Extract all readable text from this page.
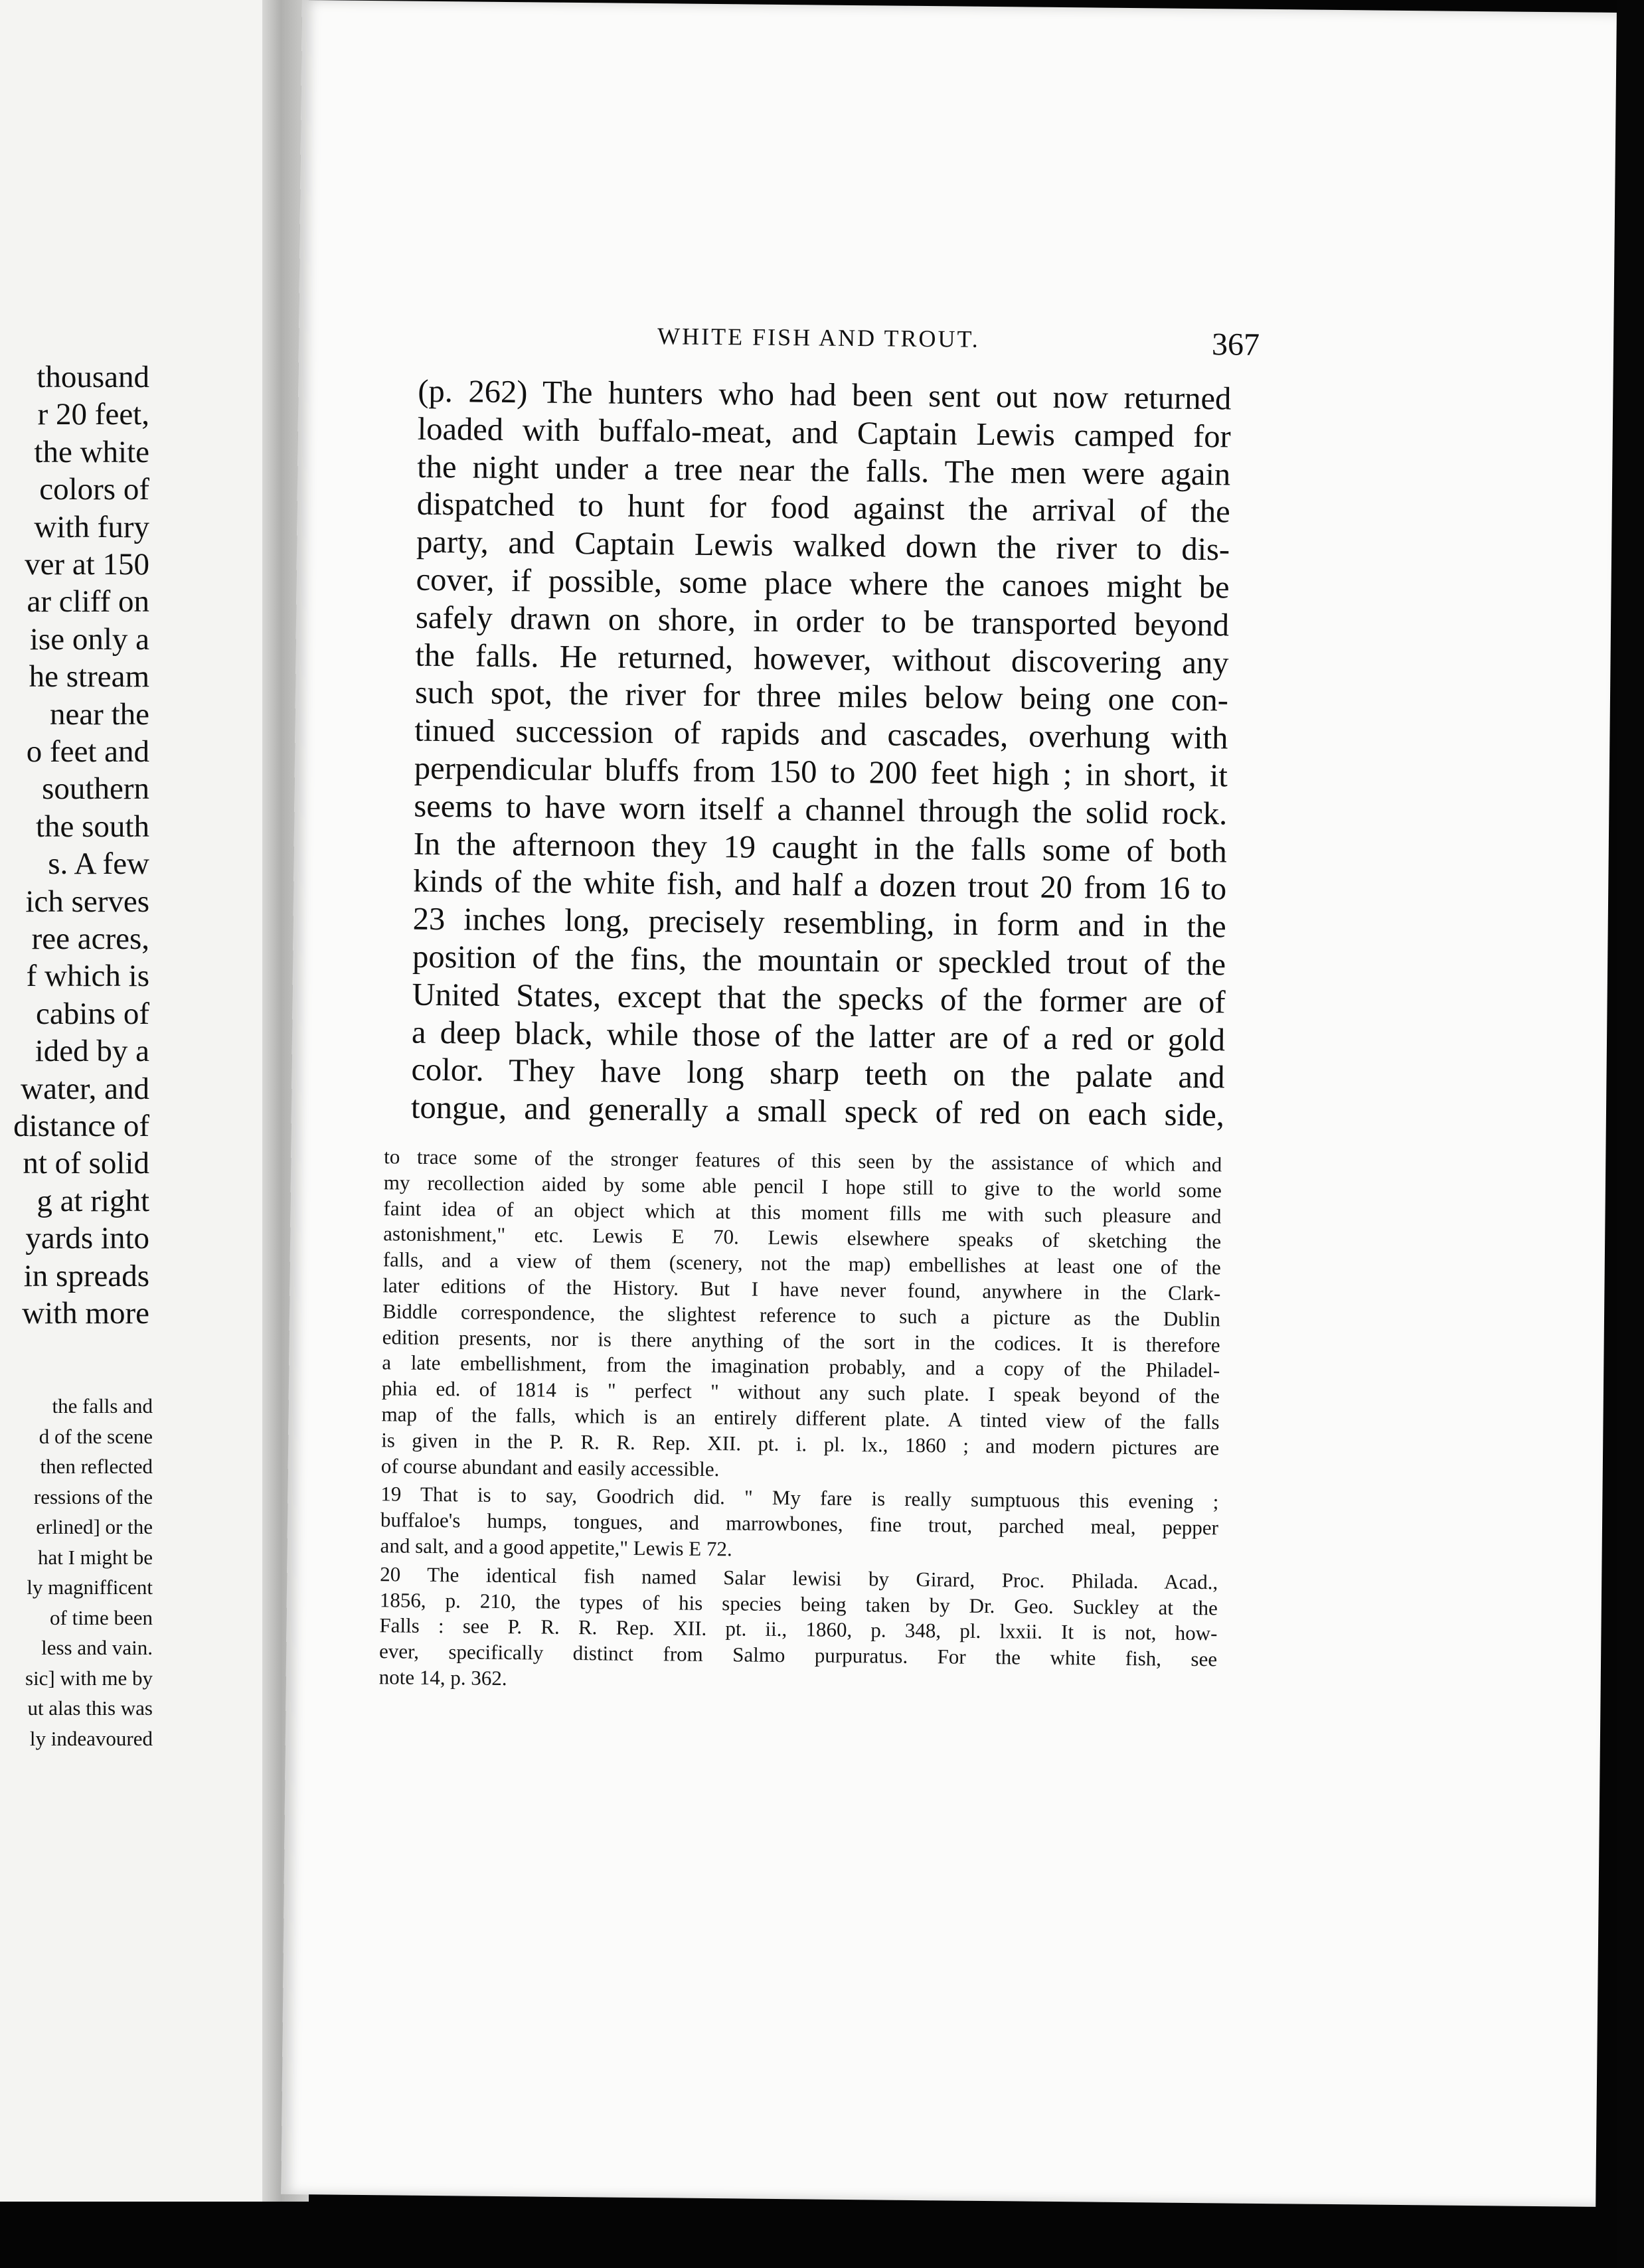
thousand
r 20 feet,
the white
colors of
with fury
ver at 150
ar cliff on
ise only a
he stream
near the
o feet and
southern
the south
s. A few
ich serves
ree acres,
f which is
cabins of
ided by a
water, and
distance of
nt of solid
g at right
yards into
in spreads
with more
the falls and
d of the scene
then reflected
ressions of the
erlined] or the
hat I might be
ly magnifficent
of time been
less and vain.
sic] with me by
ut alas this was
ly indeavoured
WHITE FISH AND TROUT.	367
(p. 262) The hunters who had been sent out now returned
loaded with buffalo-meat, and Captain Lewis camped for
the night under a tree near the falls. The men were again
dispatched to hunt for food against the arrival of the
party, and Captain Lewis walked down the river to dis-
cover, if possible, some place where the canoes might be
safely drawn on shore, in order to be transported beyond
the falls. He returned, however, without discovering any
such spot, the river for three miles below being one con-
tinued succession of rapids and cascades, overhung with
perpendicular bluffs from 150 to 200 feet high ; in short, it
seems to have worn itself a channel through the solid rock.
In the afternoon they 19 caught in the falls some of both
kinds of the white fish, and half a dozen trout 20 from 16 to
23 inches long, precisely resembling, in form and in the
position of the fins, the mountain or speckled trout of the
United States, except that the specks of the former are of
a deep black, while those of the latter are of a red or gold
color. They have long sharp teeth on the palate and
tongue, and generally a small speck of red on each side,
to trace some of the stronger features of this seen by the assistance of which and
my recollection aided by some able pencil I hope still to give to the world some
faint idea of an object which at this moment fills me with such pleasure and
astonishment," etc. Lewis E 70. Lewis elsewhere speaks of sketching the
falls, and a view of them (scenery, not the map) embellishes at least one of the
later editions of the History. But I have never found, anywhere in the Clark-
Biddle correspondence, the slightest reference to such a picture as the Dublin
edition presents, nor is there anything of the sort in the codices. It is therefore
a late embellishment, from the imagination probably, and a copy of the Philadel-
phia ed. of 1814 is " perfect " without any such plate. I speak beyond of the
map of the falls, which is an entirely different plate. A tinted view of the falls
is given in the P. R. R. Rep. XII. pt. i. pl. lx., 1860 ; and modern pictures are
of course abundant and easily accessible.
19 That is to say, Goodrich did. " My fare is really sumptuous this evening ;
buffaloe's humps, tongues, and marrowbones, fine trout, parched meal, pepper
and salt, and a good appetite," Lewis E 72.
20 The identical fish named Salar lewisi by Girard, Proc. Philada. Acad.,
1856, p. 210, the types of his species being taken by Dr. Geo. Suckley at the
Falls : see P. R. R. Rep. XII. pt. ii., 1860, p. 348, pl. lxxii. It is not, how-
ever, specifically distinct from Salmo purpuratus. For the white fish, see
note 14, p. 362.
